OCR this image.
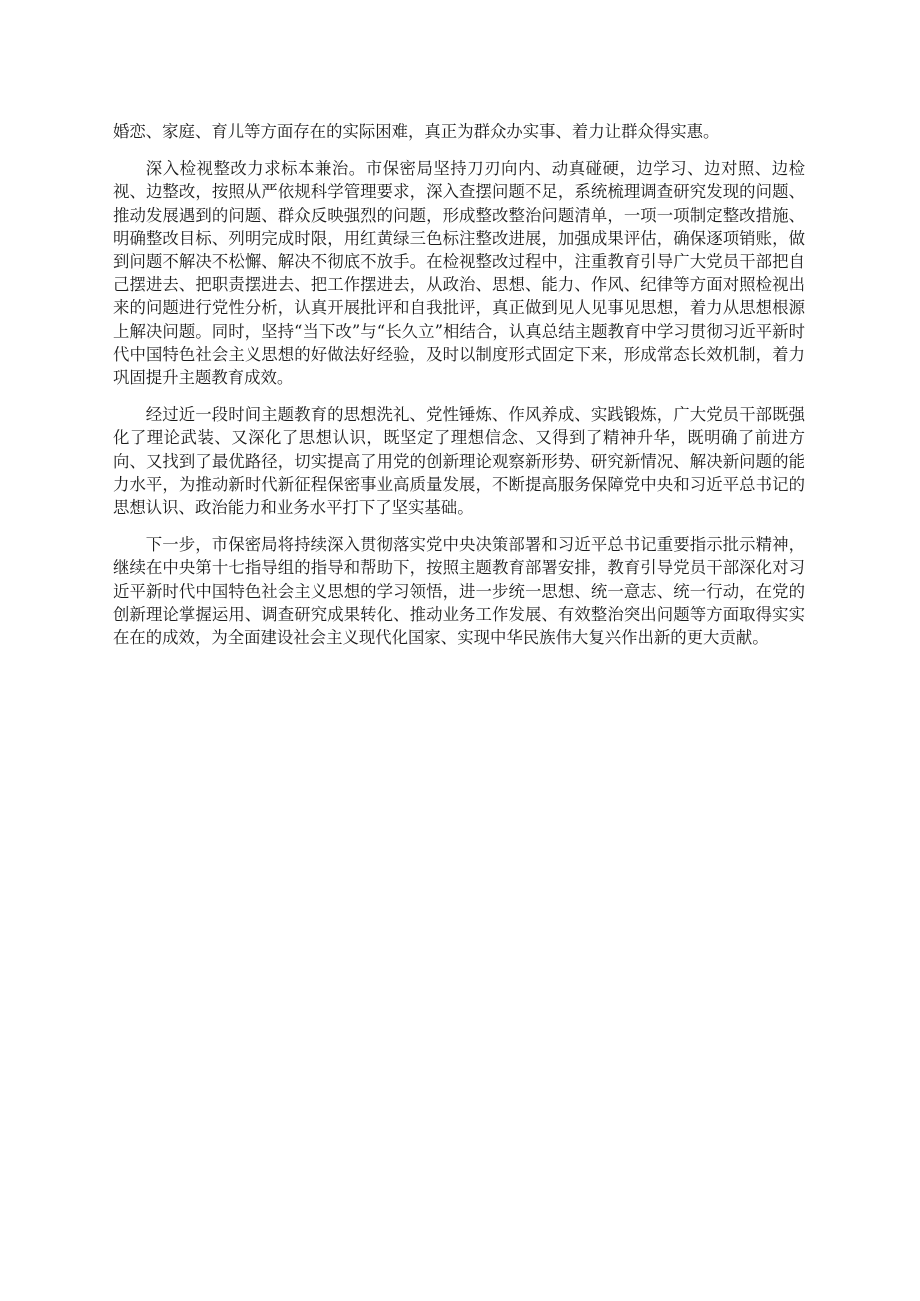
婚恋、家庭、育儿等方面存在的实际困难，真正为群众办实事、着力让群众得实惠。

深入检视整改力求标本兼治。市保密局坚持刀刃向内、动真碰硬，边学习、边对照、边检视、边整改，按照从严依规科学管理要求，深入查摆问题不足，系统梳理调查研究发现的问题、推动发展遇到的问题、群众反映强烈的问题，形成整改整治问题清单，一项一项制定整改措施、明确整改目标、列明完成时限，用红黄绿三色标注整改进展，加强成果评估，确保逐项销账，做到问题不解决不松懈、解决不彻底不放手。在检视整改过程中，注重教育引导广大党员干部把自己摆进去、把职责摆进去、把工作摆进去，从政治、思想、能力、作风、纪律等方面对照检视出来的问题进行党性分析，认真开展批评和自我批评，真正做到见人见事见思想，着力从思想根源上解决问题。同时，坚持“当下改”与“长久立”相结合，认真总结主题教育中学习贯彻习近平新时代中国特色社会主义思想的好做法好经验，及时以制度形式固定下来，形成常态长效机制，着力巩固提升主题教育成效。

经过近一段时间主题教育的思想洗礼、党性锤炼、作风养成、实践锻炼，广大党员干部既强化了理论武装、又深化了思想认识，既坚定了理想信念、又得到了精神升华，既明确了前进方向、又找到了最优路径，切实提高了用党的创新理论观察新形势、研究新情况、解决新问题的能力水平，为推动新时代新征程保密事业高质量发展，不断提高服务保障党中央和习近平总书记的思想认识、政治能力和业务水平打下了坚实基础。

下一步，市保密局将持续深入贯彻落实党中央决策部署和习近平总书记重要指示批示精神，继续在中央第十七指导组的指导和帮助下，按照主题教育部署安排，教育引导党员干部深化对习近平新时代中国特色社会主义思想的学习领悟，进一步统一思想、统一意志、统一行动，在党的创新理论掌握运用、调查研究成果转化、推动业务工作发展、有效整治突出问题等方面取得实实在在的成效，为全面建设社会主义现代化国家、实现中华民族伟大复兴作出新的更大贡献。
